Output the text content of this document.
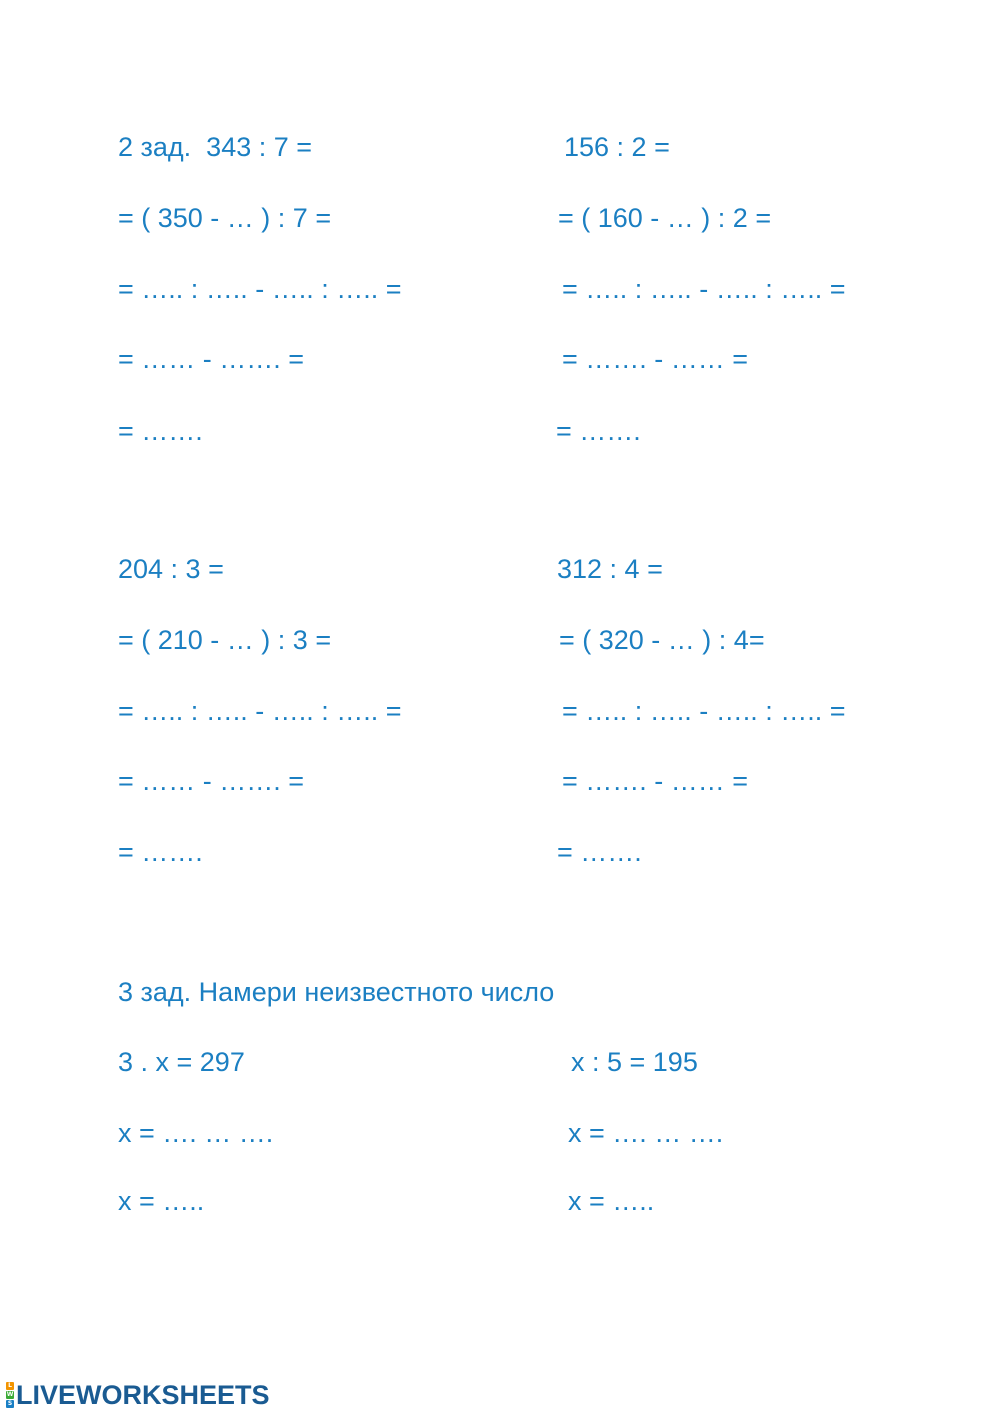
2 зад.  343 : 7 =
= ( 350 - … ) : 7 =
= ….. : ….. - ….. : ….. =
= …… - ……. =
= …….
156 : 2 =
= ( 160 - … ) : 2 =
= ….. : ….. - ….. : ….. =
= ……. - …… =
= …….
204 : 3 =
= ( 210 - … ) : 3 =
= ….. : ….. - ….. : ….. =
= …… - ……. =
= …….
312 : 4 =
= ( 320 - … ) : 4=
= ….. : ….. - ….. : ….. =
= ……. - …… =
= …….
3 зад. Намери неизвестното число
3 . x = 297
x = …. … ….
x = …..
x : 5 = 195
x = …. … ….
x = …..
L
W
S LIVEWORKSHEETS
